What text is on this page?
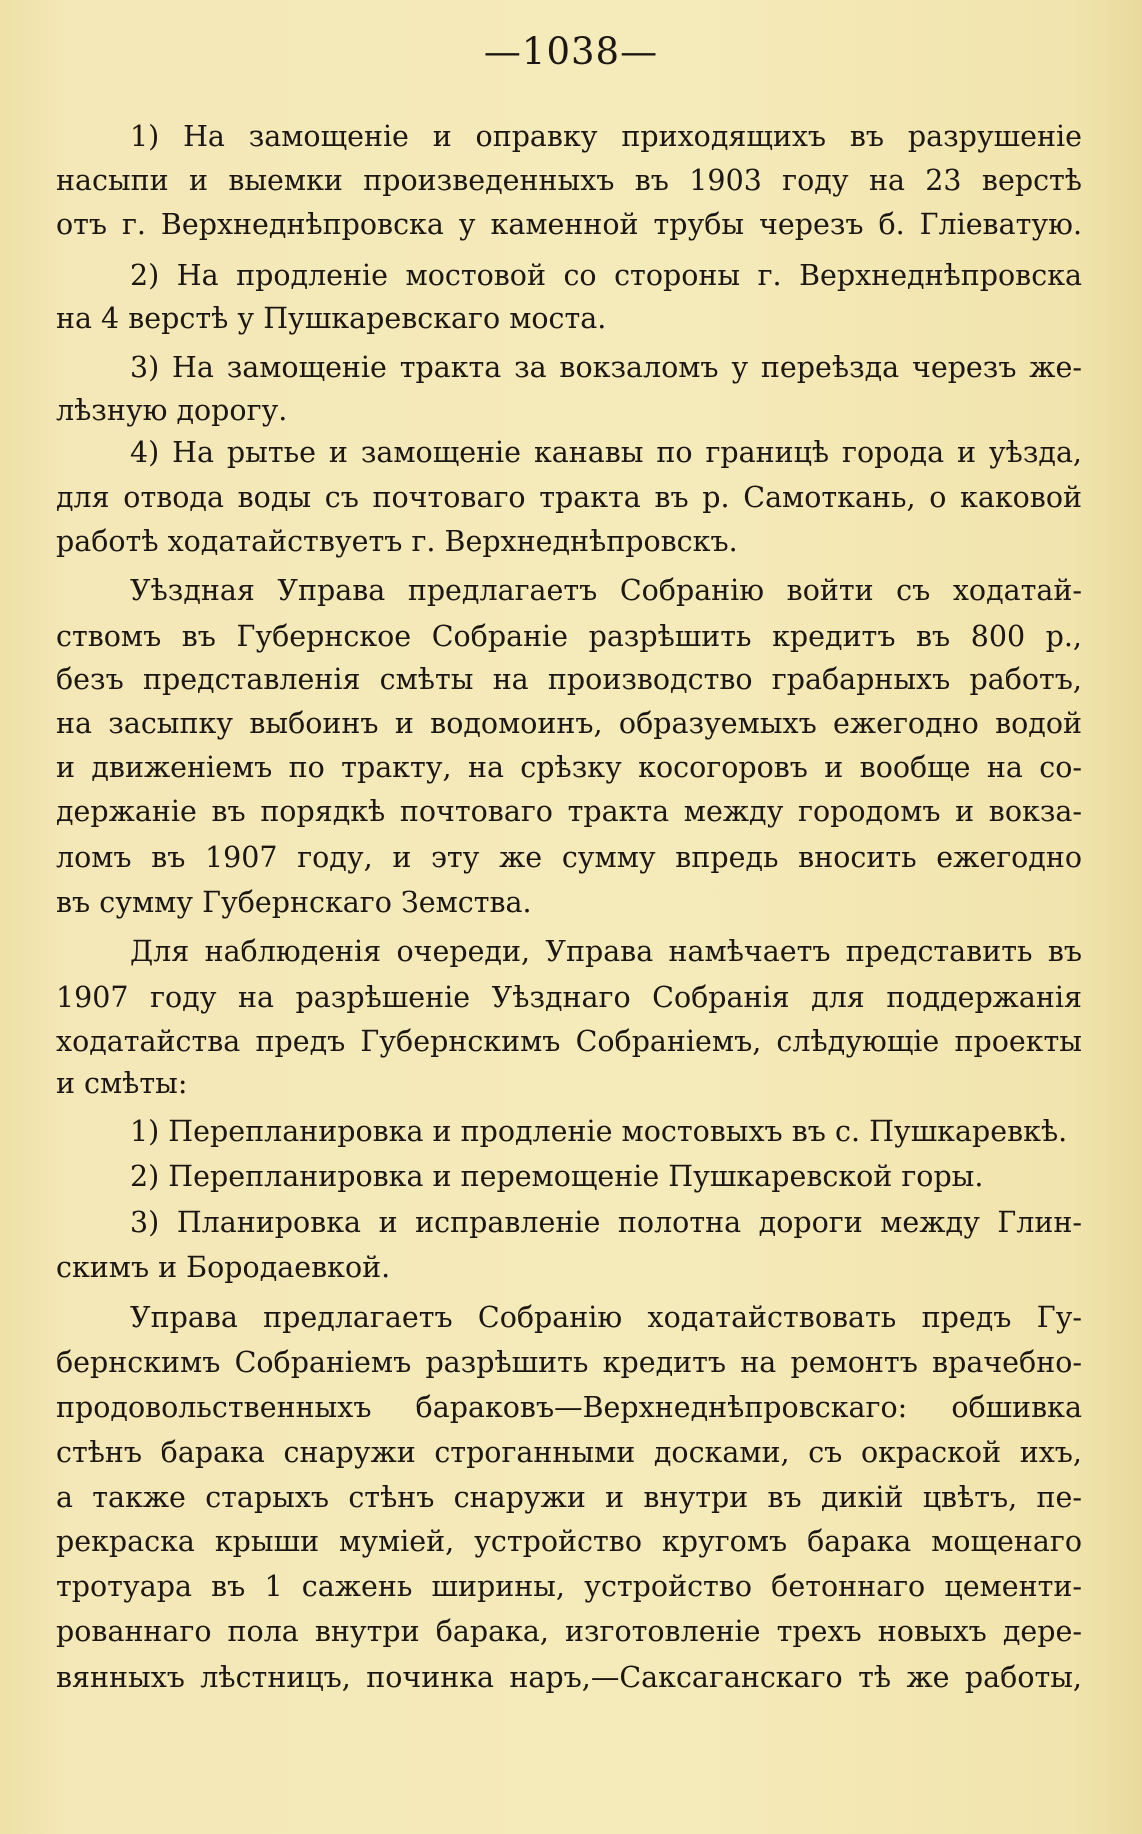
—1038—
1) На замощеніе и оправку приходящихъ въ разрушеніе
насыпи и выемки произведенныхъ въ 1903 году на 23 верстѣ
отъ г. Верхнеднѣпровска у каменной трубы черезъ б. Гліеватую.
2) На продленіе мостовой со стороны г. Верхнеднѣпровска
на 4 верстѣ у Пушкаревскаго моста.
3) На замощеніе тракта за вокзаломъ у переѣзда черезъ же-
лѣзную дорогу.
4) На рытье и замощеніе канавы по границѣ города и уѣзда,
для отвода воды съ почтоваго тракта въ р. Самоткань, о каковой
работѣ ходатайствуетъ г. Верхнеднѣпровскъ.
Уѣздная Управа предлагаетъ Собранію войти съ ходатай-
ствомъ въ Губернское Собраніе разрѣшить кредитъ въ 800 р.,
безъ представленія смѣты на производство грабарныхъ работъ,
на засыпку выбоинъ и водомоинъ, образуемыхъ ежегодно водой
и движеніемъ по тракту, на срѣзку косогоровъ и вообще на со-
держаніе въ порядкѣ почтоваго тракта между городомъ и вокза-
ломъ въ 1907 году, и эту же сумму впредь вносить ежегодно
въ сумму Губернскаго Земства.
Для наблюденія очереди, Управа намѣчаетъ представить въ
1907 году на разрѣшеніе Уѣзднаго Собранія для поддержанія
ходатайства предъ Губернскимъ Собраніемъ, слѣдующіе проекты
и смѣты:
1) Перепланировка и продленіе мостовыхъ въ с. Пушкаревкѣ.
2) Перепланировка и перемощеніе Пушкаревской горы.
3) Планировка и исправленіе полотна дороги между Глин-
скимъ и Бородаевкой.
Управа предлагаетъ Собранію ходатайствовать предъ Гу-
бернскимъ Собраніемъ разрѣшить кредитъ на ремонтъ врачебно-
продовольственныхъ бараковъ—Верхнеднѣпровскаго: обшивка
стѣнъ барака снаружи строганными досками, съ окраской ихъ,
а также старыхъ стѣнъ снаружи и внутри въ дикій цвѣтъ, пе-
рекраска крыши муміей, устройство кругомъ барака мощенаго
тротуара въ 1 сажень ширины, устройство бетоннаго цементи-
рованнаго пола внутри барака, изготовленіе трехъ новыхъ дере-
вянныхъ лѣстницъ, починка наръ,—Саксаганскаго тѣ же работы,
